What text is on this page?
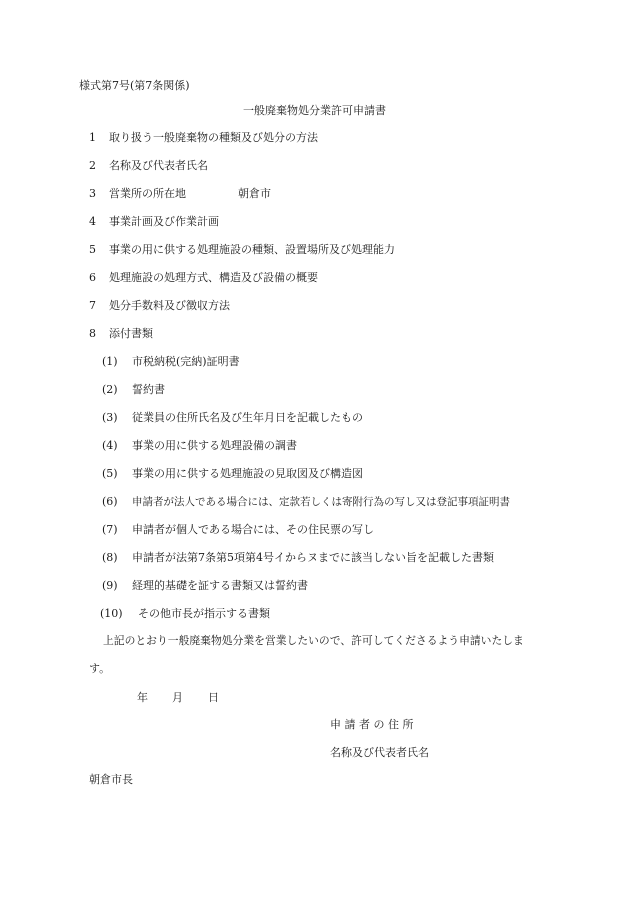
様式第7号(第7条関係)
一般廃棄物処分業許可申請書
1 取り扱う一般廃棄物の種類及び処分の方法
2 名称及び代表者氏名
3 営業所の所在地	朝倉市
4 事業計画及び作業計画
5 事業の用に供する処理施設の種類、設置場所及び処理能力
6 処理施設の処理方式、構造及び設備の概要
7 処分手数料及び徴収方法
8 添付書類
(1) 市税納税(完納)証明書
(2) 誓約書
(3) 従業員の住所氏名及び生年月日を記載したもの
(4) 事業の用に供する処理設備の調書
(5) 事業の用に供する処理施設の見取図及び構造図
(6) 申請者が法人である場合には、定款若しくは寄附行為の写し又は登記事項証明書
(7) 申請者が個人である場合には、その住民票の写し
(8) 申請者が法第7条第5項第4号イからヌまでに該当しない旨を記載した書類
(9) 経理的基礎を証する書類又は誓約書
(10) その他市長が指示する書類
上記のとおり一般廃棄物処分業を営業したいので、許可してくださるよう申請いたしま
す。
年 月 日
申 請 者 の 住 所
名称及び代表者氏名
朝倉市長
